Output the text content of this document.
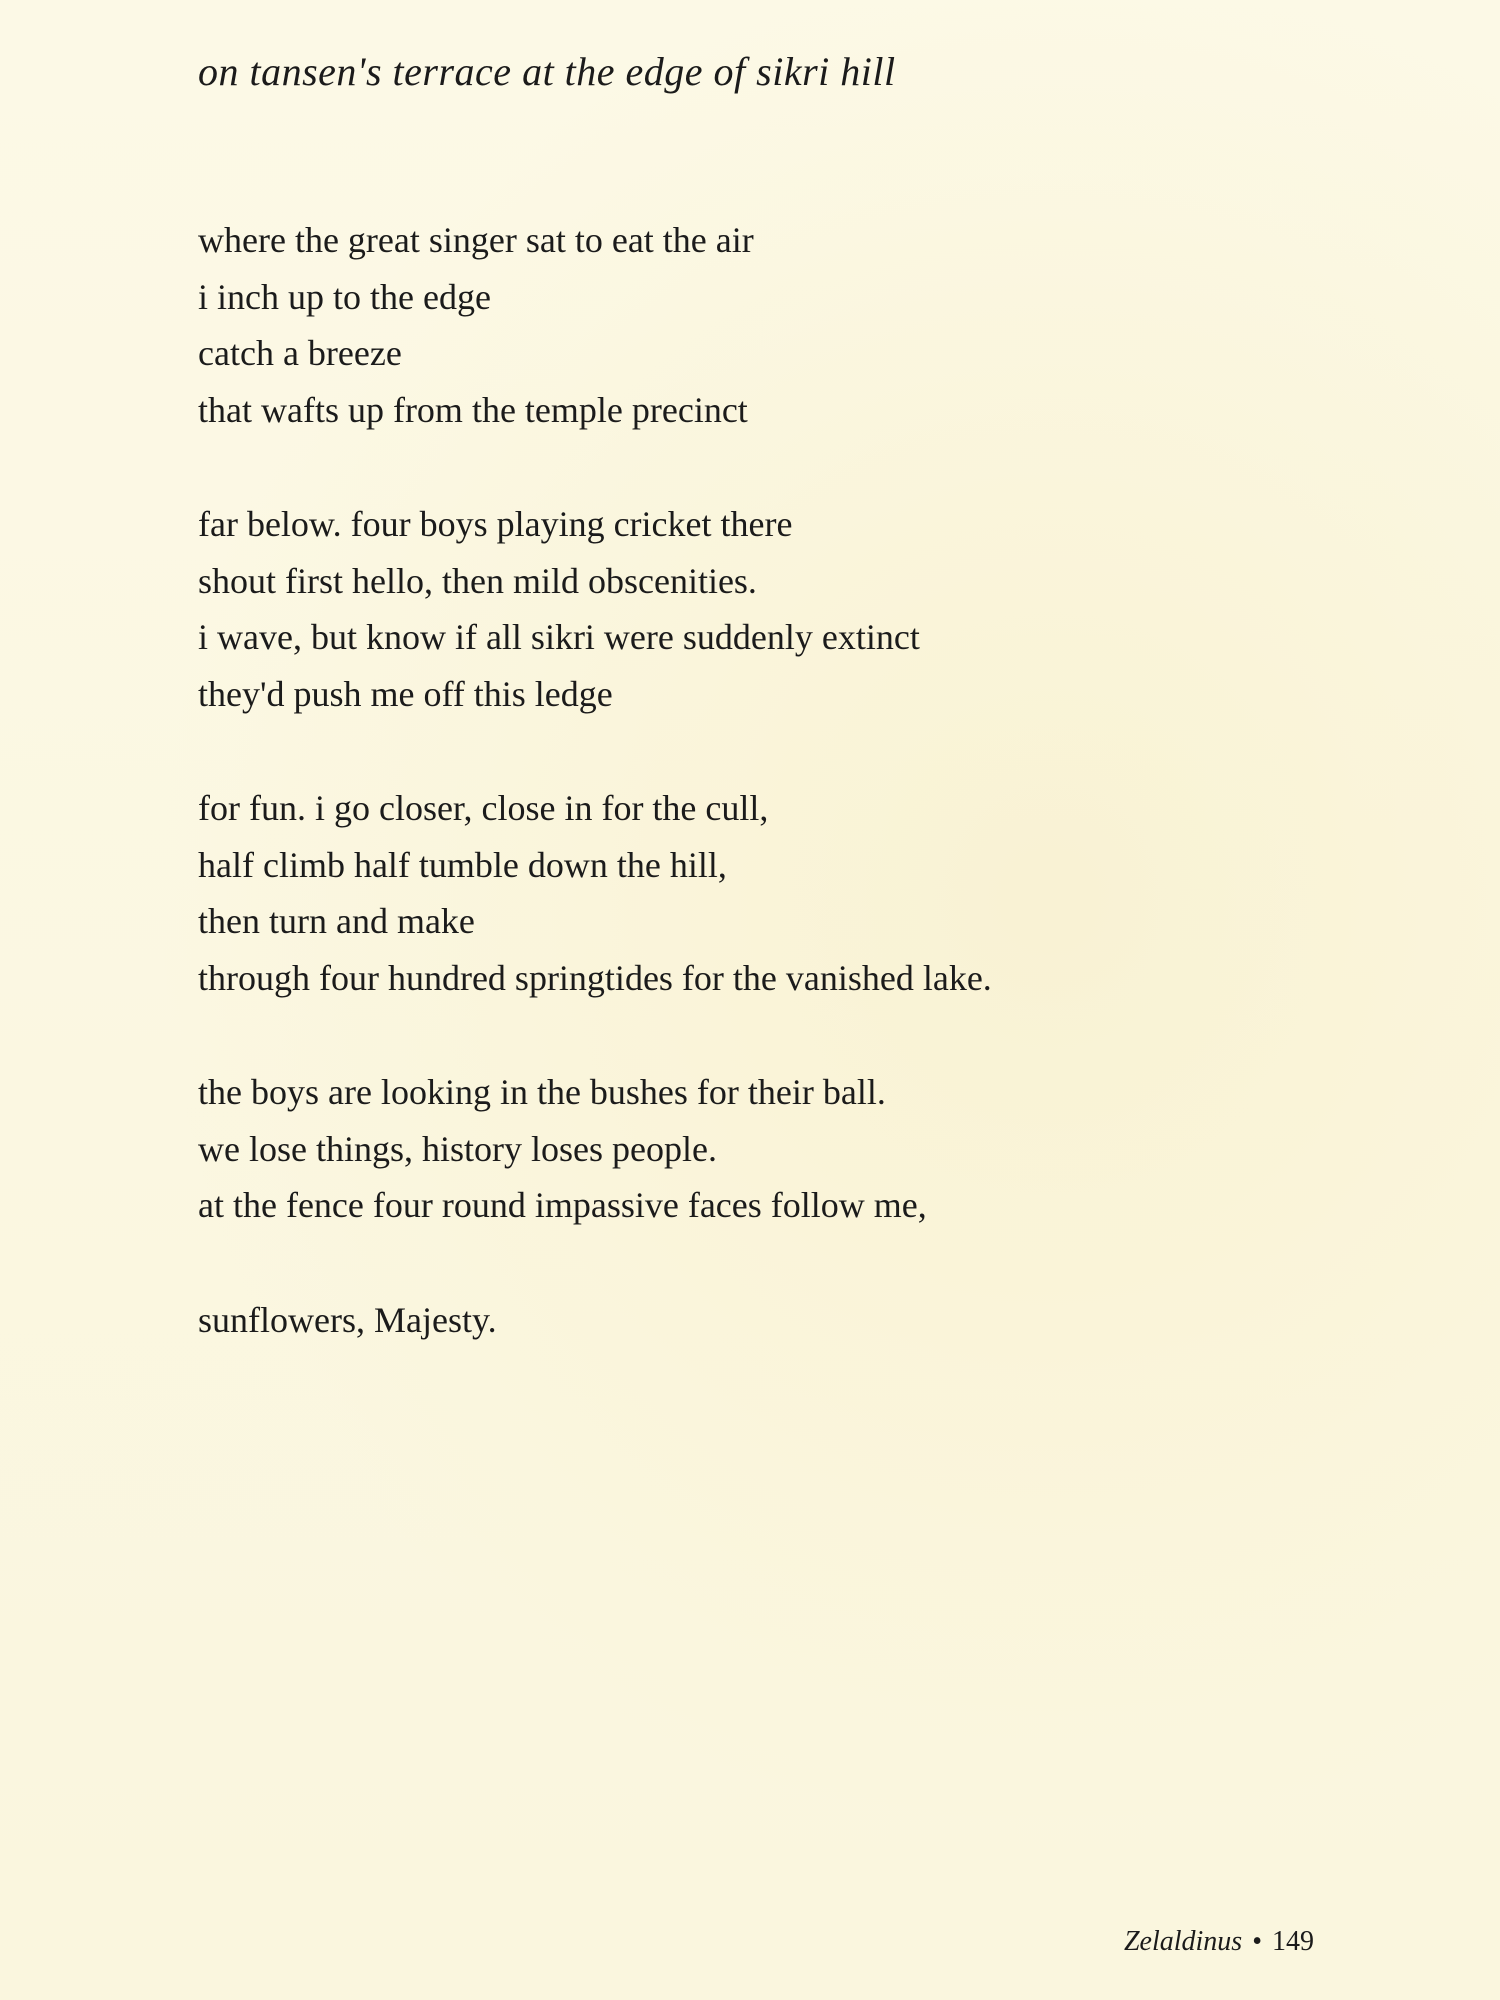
on tansen's terrace at the edge of sikri hill

where the great singer sat to eat the air
i inch up to the edge
catch a breeze
that wafts up from the temple precinct

far below. four boys playing cricket there
shout first hello, then mild obscenities.
i wave, but know if all sikri were suddenly extinct
they'd push me off this ledge

for fun. i go closer, close in for the cull,
half climb half tumble down the hill,
then turn and make
through four hundred springtides for the vanished lake.

the boys are looking in the bushes for their ball.
we lose things, history loses people.
at the fence four round impassive faces follow me,

sunflowers, Majesty.

Zelaldinus • 149
